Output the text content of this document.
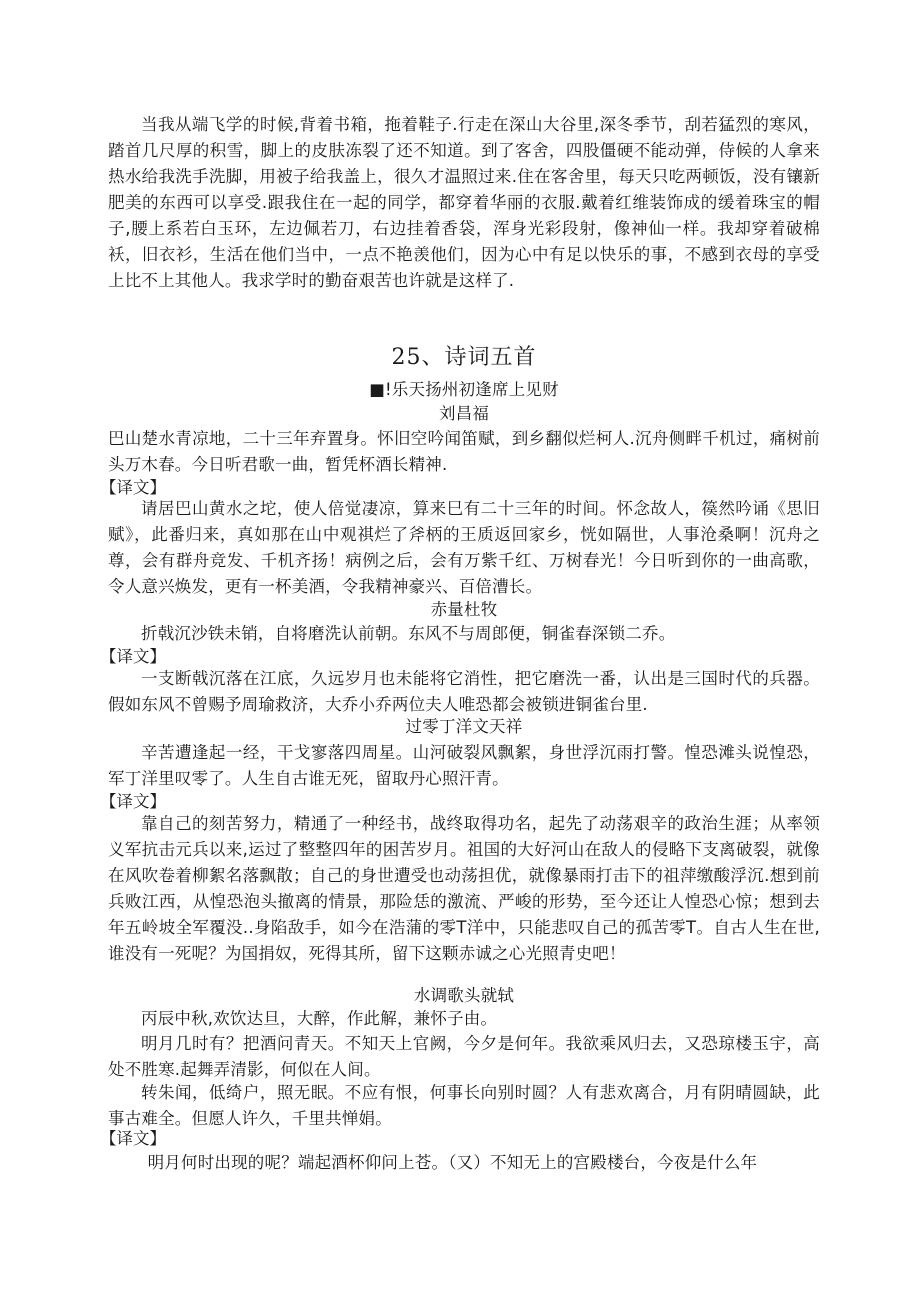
当我从端飞学的时候,背着书箱，拖着鞋子.行走在深山大谷里,深冬季节，刮若猛烈的寒风，踏首几尺厚的积雪，脚上的皮肤冻裂了还不知道。到了客舍，四股僵硬不能动弹，侍候的人拿来热水给我洗手洗脚，用被子给我盖上，很久才温照过来.住在客舍里，每天只吃两顿饭，没有镶新肥美的东西可以享受.跟我住在一起的同学，都穿着华丽的衣服.戴着红维装饰成的缓着珠宝的帽子,腰上系若白玉环，左边佩若刀，右边挂着香袋，浑身光彩段射，像神仙一样。我却穿着破棉袄，旧衣衫，生活在他们当中，一点不艳羡他们，因为心中有足以快乐的事，不感到衣母的享受上比不上其他人。我求学时的勤奋艰苦也许就是这样了.

25、诗词五首

■!乐天扬州初逢席上见财

刘昌福

巴山楚水青凉地，二十三年弃置身。怀旧空吟闻笛赋，到乡翻似烂柯人.沉舟侧畔千机过，痛树前头万木春。今日听君歌一曲，暂凭杯酒长精神.

【译文】

请居巴山黄水之坨，使人倍觉凄凉，算来巳有二十三年的时间。怀念故人，篌然吟诵《思旧赋》，此番归来，真如那在山中观祺烂了斧柄的王质返回家乡，恍如隔世，人事沧桑啊！沉舟之尊，会有群舟竞发、千机齐扬！病例之后，会有万紫千红、万树春光！今日听到你的一曲高歌，令人意兴焕发，更有一杯美酒，令我精神豪兴、百倍漕长。

赤量杜牧

折戟沉沙铁未销，自将磨洗认前朝。东风不与周郎便，铜雀春深锁二乔。

【译文】

一支断戟沉落在江底，久远岁月也未能将它消性，把它磨洗一番，认出是三国时代的兵器。假如东风不曾赐予周瑜救济，大乔小乔两位夫人唯恐都会被锁进铜雀台里.

过零丁洋文天祥

辛苦遭逢起一经，干戈寥落四周星。山河破裂风飘絮，身世浮沉雨打警。惶恐滩头说惶恐，军丁洋里叹零了。人生自古谁无死，留取丹心照汗青。

【译文】

靠自己的刻苦努力，精通了一种经书，战终取得功名，起先了动荡艰辛的政治生涯；从率领义军抗击元兵以来,运过了整整四年的困苦岁月。祖国的大好河山在敌人的侵略下支离破裂，就像在风吹卷着柳絮名落飘散；自己的身世遭受也动荡担优，就像暴雨打击下的祖萍缴酸浮沉.想到前兵败江西，从惶恐泡头撤离的情景，那险恁的激流、严峻的形势，至今还让人惶恐心惊；想到去年五岭坡全军覆没..身陷敌手，如今在浩蒲的零T洋中，只能悲叹自己的孤苦零T。自古人生在世,谁没有一死呢？为国捐奴，死得其所，留下这颗赤诚之心光照青史吧！

水调歌头就轼

丙辰中秋,欢饮达旦，大醉，作此解，兼怀子由。

明月几时有？把酒问青天。不知天上官阙，今夕是何年。我欲乘风归去，又恐琼楼玉宇，高处不胜寒.起舞弄清影，何似在人间。

转朱闻，低绮户，照无眠。不应有恨，何事长向别时圆？人有悲欢离合，月有阴晴圆缺，此事古难全。但愿人许久，千里共惮娟。

【译文】

明月何时出现的呢？端起酒杯仰问上苍。（又）不知无上的宫殿楼台，今夜是什么年
